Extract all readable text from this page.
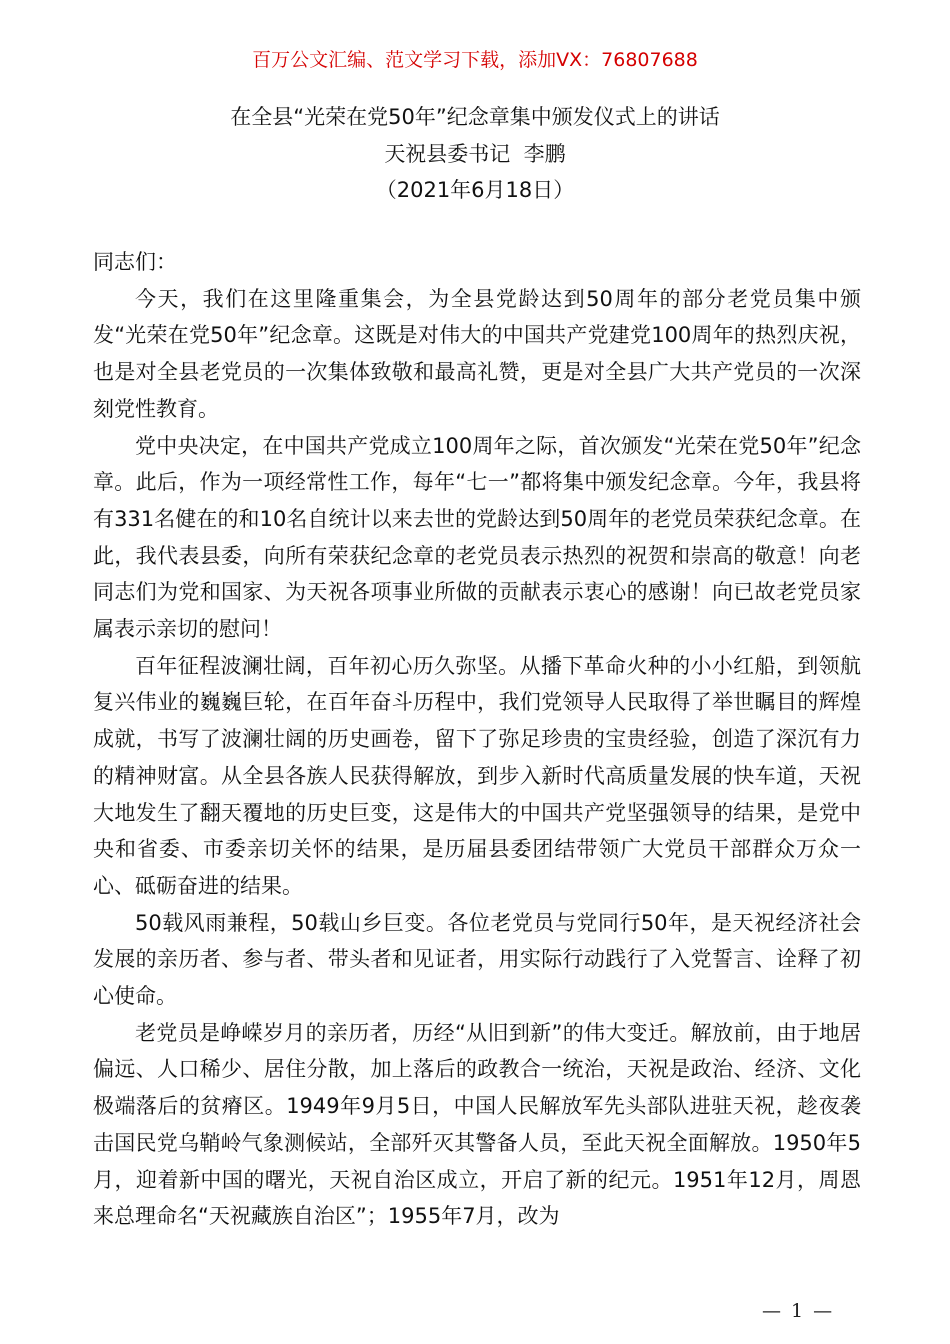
百万公文汇编、范文学习下载，添加VX：76807688
在全县“光荣在党50年”纪念章集中颁发仪式上的讲话
天祝县委书记  李鹏
（2021年6月18日）

同志们：

今天，我们在这里隆重集会，为全县党龄达到50周年的部分老党员集中颁发“光荣在党50年”纪念章。这既是对伟大的中国共产党建党100周年的热烈庆祝，也是对全县老党员的一次集体致敬和最高礼赞，更是对全县广大共产党员的一次深刻党性教育。

党中央决定，在中国共产党成立100周年之际，首次颁发“光荣在党50年”纪念章。此后，作为一项经常性工作，每年“七一”都将集中颁发纪念章。今年，我县将有331名健在的和10名自统计以来去世的党龄达到50周年的老党员荣获纪念章。在此，我代表县委，向所有荣获纪念章的老党员表示热烈的祝贺和崇高的敬意！向老同志们为党和国家、为天祝各项事业所做的贡献表示衷心的感谢！向已故老党员家属表示亲切的慰问！

百年征程波澜壮阔，百年初心历久弥坚。从播下革命火种的小小红船，到领航复兴伟业的巍巍巨轮，在百年奋斗历程中，我们党领导人民取得了举世瞩目的辉煌成就，书写了波澜壮阔的历史画卷，留下了弥足珍贵的宝贵经验，创造了深沉有力的精神财富。从全县各族人民获得解放，到步入新时代高质量发展的快车道，天祝大地发生了翻天覆地的历史巨变，这是伟大的中国共产党坚强领导的结果，是党中央和省委、市委亲切关怀的结果，是历届县委团结带领广大党员干部群众万众一心、砥砺奋进的结果。

50载风雨兼程，50载山乡巨变。各位老党员与党同行50年，是天祝经济社会发展的亲历者、参与者、带头者和见证者，用实际行动践行了入党誓言、诠释了初心使命。

老党员是峥嵘岁月的亲历者，历经“从旧到新”的伟大变迁。解放前，由于地居偏远、人口稀少、居住分散，加上落后的政教合一统治，天祝是政治、经济、文化极端落后的贫瘠区。1949年9月5日，中国人民解放军先头部队进驻天祝，趁夜袭击国民党乌鞘岭气象测候站，全部歼灭其警备人员，至此天祝全面解放。1950年5月，迎着新中国的曙光，天祝自治区成立，开启了新的纪元。1951年12月，周恩来总理命名“天祝藏族自治区”；1955年7月，改为

— 1 —
